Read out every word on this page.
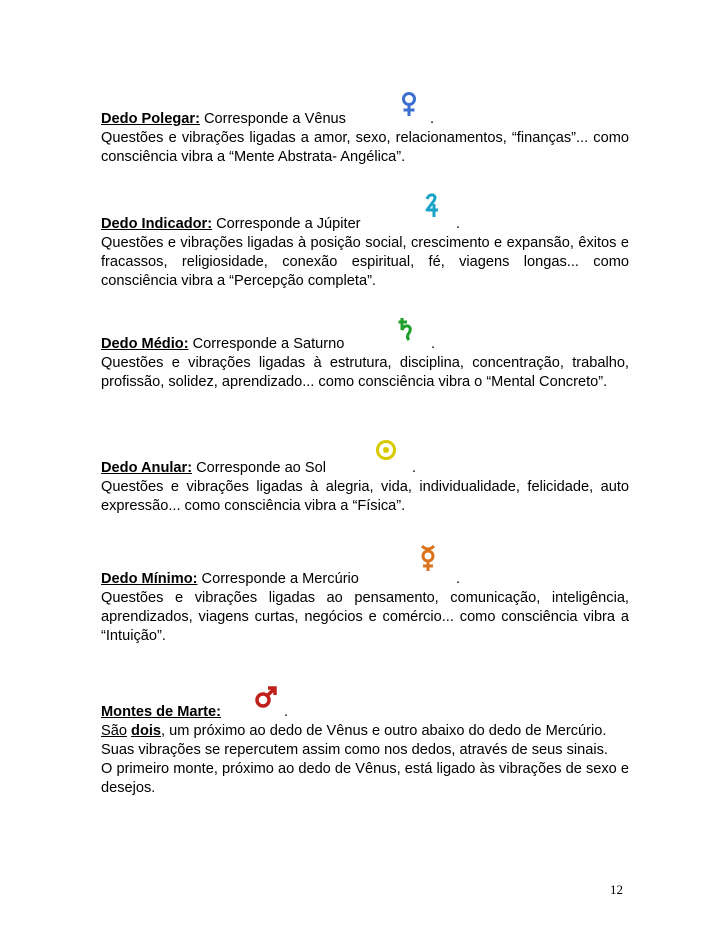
Dedo Polegar: Corresponde a Vênus	.
Questões e vibrações ligadas a amor, sexo, relacionamentos, “finanças”... como consciência vibra a “Mente Abstrata- Angélica”.
Dedo Indicador: Corresponde a Júpiter	.
Questões e vibrações ligadas à posição social, crescimento e expansão, êxitos e fracassos, religiosidade, conexão espiritual, fé, viagens longas... como consciência vibra a “Percepção completa”.
Dedo Médio: Corresponde a Saturno	.
Questões e vibrações ligadas à estrutura, disciplina, concentração, trabalho, profissão, solidez, aprendizado... como consciência vibra o “Mental Concreto”.
Dedo Anular: Corresponde ao Sol	.
Questões e vibrações ligadas à alegria, vida, individualidade, felicidade, auto expressão... como consciência vibra a “Física”.
Dedo Mínimo: Corresponde a Mercúrio	.
Questões e vibrações ligadas ao pensamento, comunicação, inteligência, aprendizados, viagens curtas, negócios e comércio... como consciência vibra a “Intuição”.
Montes de Marte:	.
São dois, um próximo ao dedo de Vênus e outro abaixo do dedo de Mercúrio.
Suas vibrações se repercutem assim como nos dedos, através de seus sinais.
O primeiro monte, próximo ao dedo de Vênus, está ligado às vibrações de sexo e desejos.
12
